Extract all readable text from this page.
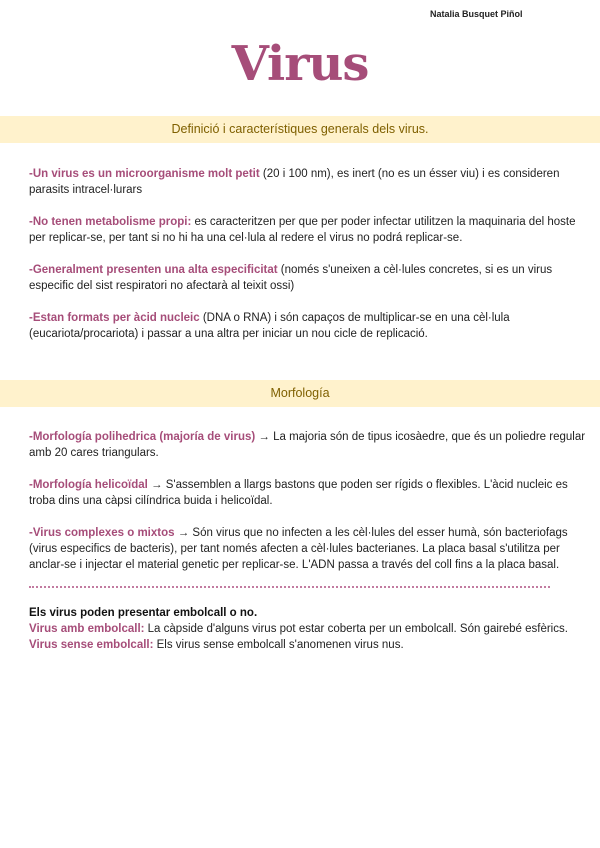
Natalia Busquet Piñol
Virus
Definició i característiques generals dels virus.
-Un virus es un microorganisme molt petit (20 i 100 nm), es inert (no es un ésser viu) i es consideren parasits intracel·lurars
-No tenen metabolisme propi: es caracteritzen per que per poder infectar utilitzen la maquinaria del hoste per replicar-se, per tant si no hi ha una cel·lula al redere el virus no podrá replicar-se.
-Generalment presenten una alta especificitat (només s'uneixen a cèl·lules concretes, si es un virus especific del sist respiratori no afectarà al teixit ossi)
-Estan formats per àcid nucleic (DNA o RNA) i són capaços de multiplicar-se en una cèl·lula (eucariota/procariota) i passar a una altra per iniciar un nou cicle de replicació.
Morfología
-Morfología polihedrica (majoría de virus) → La majoria són de tipus icosàedre, que és un poliedre regular amb 20 cares triangulars.
-Morfología helicoïdal → S'assemblen a llargs bastons que poden ser rígids o flexibles. L'àcid nucleic es troba dins una càpsi cilíndrica buida i helicoïdal.
-Virus complexes o mixtos → Són virus que no infecten a les cèl·lules del esser humà, són bacteriofags (virus especifics de bacteris), per tant només afecten a cèl·lules bacterianes. La placa basal s'utilitza per anclar-se i injectar el material genetic per replicar-se. L'ADN passa a través del coll fins a la placa basal.
Els virus poden presentar embolcall o no.
Virus amb embolcall: La càpside d'alguns virus pot estar coberta per un embolcall. Són gairebé esfèrics.
Virus sense embolcall: Els virus sense embolcall s'anomenen virus nus.
